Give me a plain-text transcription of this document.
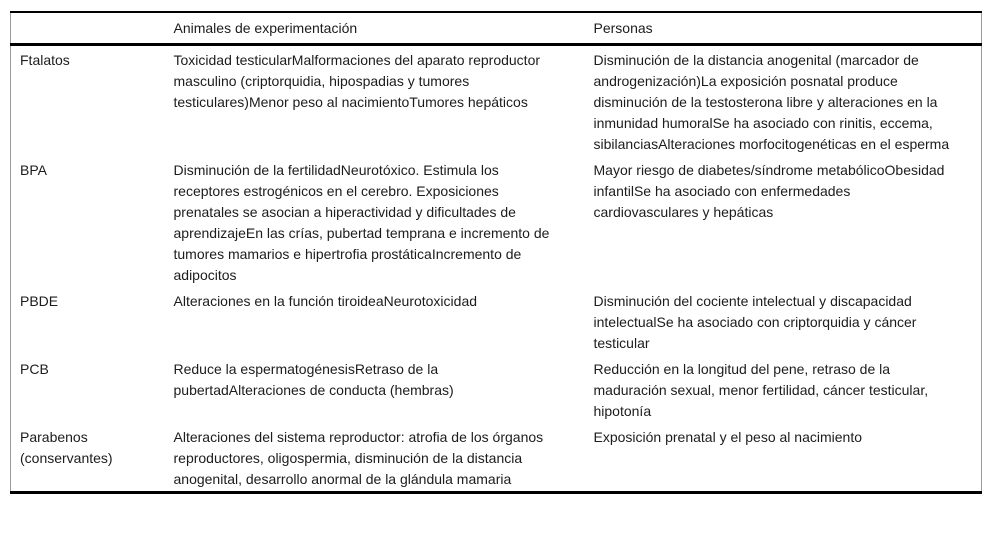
	Animales de experimentación	Personas
Ftalatos	Toxicidad testicularMalformaciones del aparato reproductor masculino (criptorquidia, hipospadias y tumores testiculares)Menor peso al nacimientoTumores hepáticos	Disminución de la distancia anogenital (marcador de androgenización)La exposición posnatal produce disminución de la testosterona libre y alteraciones en la inmunidad humoralSe ha asociado con rinitis, eccema, sibilanciasAlteraciones morfocitogenéticas en el esperma
BPA	Disminución de la fertilidadNeurotóxico. Estimula los receptores estrogénicos en el cerebro. Exposiciones prenatales se asocian a hiperactividad y dificultades de aprendizajeEn las crías, pubertad temprana e incremento de tumores mamarios e hipertrofia prostáticaIncremento de adipocitos	Mayor riesgo de diabetes/síndrome metabólicoObesidad infantilSe ha asociado con enfermedades cardiovasculares y hepáticas
PBDE	Alteraciones en la función tiroideaNeurotoxicidad	Disminución del cociente intelectual y discapacidad intelectualSe ha asociado con criptorquidia y cáncer testicular
PCB	Reduce la espermatogénesisRetraso de la pubertadAlteraciones de conducta (hembras)	Reducción en la longitud del pene, retraso de la maduración sexual, menor fertilidad, cáncer testicular, hipotonía
Parabenos (conservantes)	Alteraciones del sistema reproductor: atrofia de los órganos reproductores, oligospermia, disminución de la distancia anogenital, desarrollo anormal de la glándula mamaria	Exposición prenatal y el peso al nacimiento
